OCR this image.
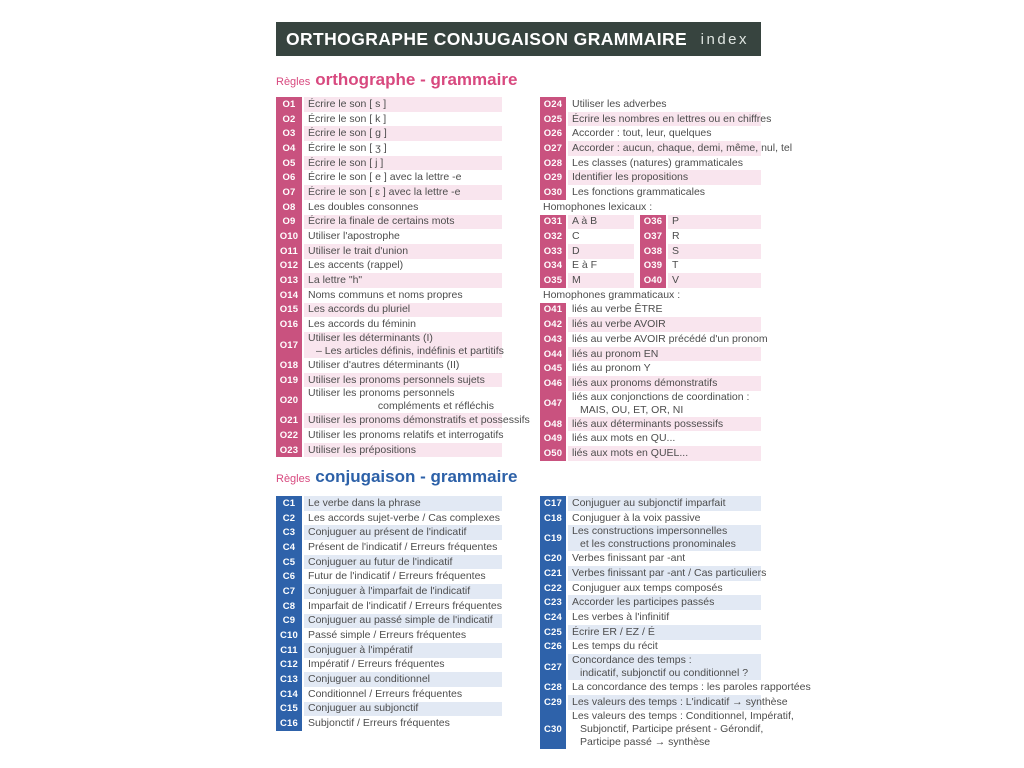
ORTHOGRAPHE CONJUGAISON GRAMMAIRE index
Règles orthographe - grammaire
O1	Écrire le son [ s ]
O2	Écrire le son [ k ]
O3	Écrire le son [ g ]
O4	Écrire le son [ ʒ ]
O5	Écrire le son [ j ]
O6	Écrire le son [ e ] avec la lettre -e
O7	Écrire le son [ ɛ ] avec la lettre -e
O8	Les doubles consonnes
O9	Écrire la finale de certains mots
O10 Utiliser l'apostrophe
O11 Utiliser le trait d'union
O12 Les accents (rappel)
O13 La lettre "h"
O14 Noms communs et noms propres
O15 Les accords du pluriel
O16 Les accords du féminin
O17
Utiliser les déterminants (I)
– Les articles définis, indéfinis et partitifs
O18 Utiliser d'autres déterminants (II)
O19 Utiliser les pronoms personnels sujets
O20
Utiliser les pronoms personnels
compléments et réfléchis
O21 Utiliser les pronoms démonstratifs et possessifs
O22 Utiliser les pronoms relatifs et interrogatifs
O23 Utiliser les prépositions
O24 Utiliser les adverbes
O25 Écrire les nombres en lettres ou en chiffres
O26 Accorder : tout, leur, quelques
O27 Accorder : aucun, chaque, demi, même, nul, tel
O28 Les classes (natures) grammaticales
O29 Identifier les propositions
O30 Les fonctions grammaticales
Homophones lexicaux :
O31 A à B
O32 C
O33 D
O34 E à F
O35 M
O36 P
O37 R
O38 S
O39 T
O40 V
Homophones grammaticaux :
O41 liés au verbe ÊTRE
O42 liés au verbe AVOIR
O43 liés au verbe AVOIR précédé d'un pronom
O44 liés au pronom EN
O45 liés au pronom Y
O46 liés aux pronoms démonstratifs
O47
liés aux conjonctions de coordination :
MAIS, OU, ET, OR, NI
O48 liés aux déterminants possessifs
O49 liés aux mots en QU...
O50 liés aux mots en QUEL...
Règles conjugaison - grammaire
C1	Le verbe dans la phrase
C2	Les accords sujet-verbe / Cas complexes
C3	Conjuguer au présent de l'indicatif
C4	Présent de l'indicatif / Erreurs fréquentes
C5	Conjuguer au futur de l'indicatif
C6	Futur de l'indicatif / Erreurs fréquentes
C7	Conjuguer à l'imparfait de l'indicatif
C8	Imparfait de l'indicatif / Erreurs fréquentes
C9	Conjuguer au passé simple de l'indicatif
C10 Passé simple / Erreurs fréquentes
C11 Conjuguer à l'impératif
C12 Impératif / Erreurs fréquentes
C13 Conjuguer au conditionnel
C14 Conditionnel / Erreurs fréquentes
C15 Conjuguer au subjonctif
C16 Subjonctif / Erreurs fréquentes
C17 Conjuguer au subjonctif imparfait
C18 Conjuguer à la voix passive
C19
Les constructions impersonnelles
et les constructions pronominales
C20 Verbes finissant par -ant
C21 Verbes finissant par -ant / Cas particuliers
C22 Conjuguer aux temps composés
C23 Accorder les participes passés
C24 Les verbes à l'infinitif
C25 Écrire ER / EZ / É
C26 Les temps du récit
C27
Concordance des temps :
indicatif, subjonctif ou conditionnel ?
C28 La concordance des temps : les paroles rapportées
C29 Les valeurs des temps : L'indicatif → synthèse
C30
Les valeurs des temps : Conditionnel, Impératif,
Subjonctif, Participe présent - Gérondif,
Participe passé → synthèse
